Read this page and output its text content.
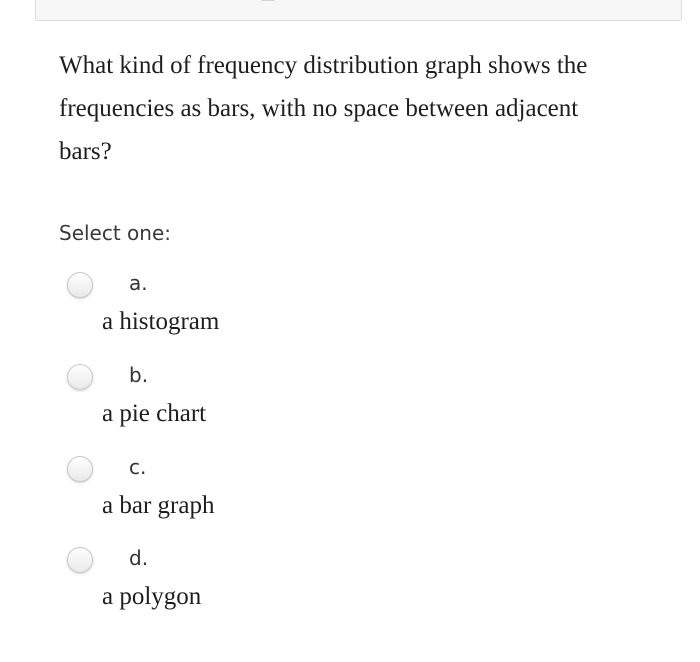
What kind of frequency distribution graph shows the
frequencies as bars, with no space between adjacent
bars?
Select one:
a.
a histogram
b.
a pie chart
c.
a bar graph
d.
a polygon
